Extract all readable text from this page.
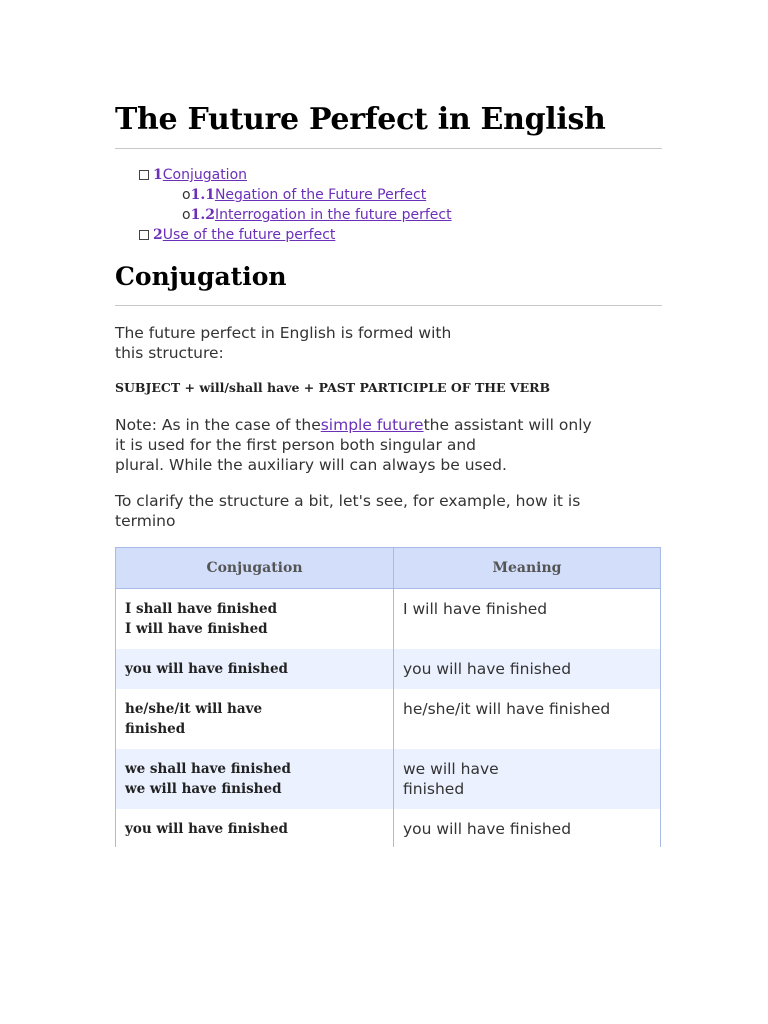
The Future Perfect in English
1Conjugation
o1.1Negation of the Future Perfect
o1.2Interrogation in the future perfect
2Use of the future perfect
Conjugation

The future perfect in English is formed with
this structure:

SUBJECT + will/shall have + PAST PARTICIPLE OF THE VERB

Note: As in the case of thesimple futurethe assistant will only
it is used for the first person both singular and
plural. While the auxiliary will can always be used.

To clarify the structure a bit, let's see, for example, how it is
termino

Conjugation	Meaning

I shall have finished
I will have finished	I will have finished

you will have finished	you will have finished

he/she/it will have
finished	he/she/it will have finished

we shall have finished
we will have finished	we will have
finished

you will have finished	you will have finished
